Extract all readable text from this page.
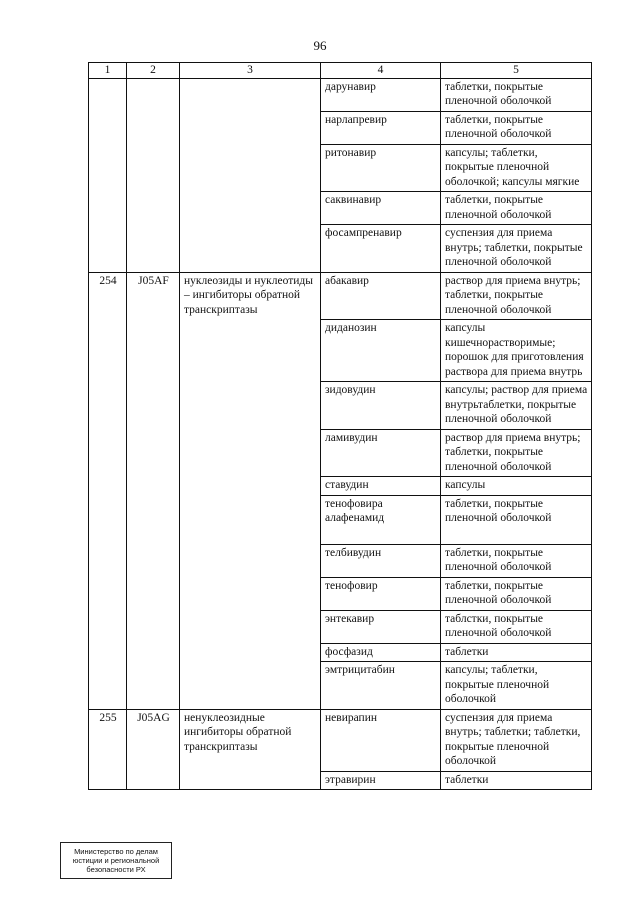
96
1	2	3	4	5
			дарунавир	таблетки, покрытые пленочной оболочкой
			нарлапревир	таблетки, покрытые пленочной оболочкой
			ритонавир	капсулы; таблетки, покрытые пленочной оболочкой; капсулы мягкие
			саквинавир	таблетки, покрытые пленочной оболочкой
			фосампренавир	суспензия для приема внутрь; таблетки, покрытые пленочной оболочкой
254	J05AF	нуклеозиды и нуклеотиды – ингибиторы обратной транскриптазы	абакавир	раствор для приема внутрь; таблетки, покрытые пленочной оболочкой
			диданозин	капсулы кишечнорастворимые; порошок для приготовления раствора для приема внутрь
			зидовудин	капсулы; раствор для приема внутрьтаблетки, покрытые пленочной оболочкой
			ламивудин	раствор для приема внутрь; таблетки, покрытые пленочной оболочкой
			ставудин	капсулы
			тенофовира алафенамид	таблетки, покрытые пленочной оболочкой
			телбивудин	таблетки, покрытые пленочной оболочкой
			тенофовир	таблетки, покрытые пленочной оболочкой
			энтекавир	таблстки, покрытые пленочной оболочкой
			фосфазид	таблетки
			эмтрицитабин	капсулы; таблетки, покрытые пленочной оболочкой
255	J05AG	ненуклеозидные ингибиторы обратной транскриптазы	невирапин	суспензия для приема внутрь; таблетки; таблетки, покрытые пленочной оболочкой
			этравирин	таблетки
Министерство по делам
юстиции и региональной
безопасности РХ
